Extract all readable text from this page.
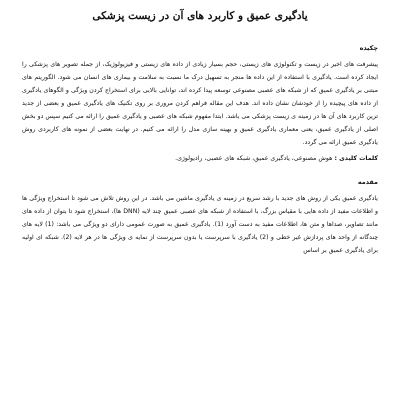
یادگیری عمیق و کاربرد های آن در زیست پزشکی
چکیده

پیشرفت های اخیر در زیست و تکنولوژی های زیستی، حجم بسیار زیادی از داده های زیستی و فیزیولوژیک، از جمله تصویر های پزشکی را ایجاد کرده است. یادگیری با استفاده از این داده ها منجر به تسهیل درک ما نسبت به سلامت و بیماری های انسان می شود. الگوریتم های مبتنی بر یادگیری عمیق که از شبکه های عصبی مصنوعی توسعه پیدا کرده اند، توانایی بالایی برای استخراج کردن ویژگی و الگوهای یادگیری از داده های پیچیده را از خودشان نشان داده اند. هدف این مقاله فراهم کردن مروری بر روی تکنیک های یادگیری عمیق و بعضی از جدید ترین کاربرد های آن ها در زمینه ی زیست پزشکی می باشد. ابتدا مفهوم شبکه های عصبی و یادگیری عمیق را ارائه می کنیم سپس دو بخش اصلی از یادگیری عمیق، یعنی معماری یادگیری عمیق و بهینه سازی مدل را ارائه می کنیم. در نهایت بعضی از نمونه های کاربردی روش یادگیری عمیق ارائه می گردد.

کلمات کلیدی : هوش مصنوعی، یادگیری عمیق، شبکه های عصبی، رادیولوژی.
مقدمه

یادگیری عمیق یکی از روش های جدید با رشد سریع در زمینه ی یادگیری ماشین می باشد. در این روش تلاش می شود تا استخراج ویژگی ها و اطلاعات مفید از داده هایی با مقیاس بزرگ، با استفاده از شبکه های عصبی عمیق چند لایه (DNN ها)، استخراج شود تا بتوان از داده های مانند تصاویر، صداها و متن ها، اطلاعات مفید به دست آورد (1). یادگیری عمیق به صورت عمومی دارای دو ویژگی می باشد: (1) لایه های چندگانه از واحد های پردازش غیر خطی و (2) یادگیری با سرپرست یا بدون سرپرست از نمایه ی ویژگی ها در هر لایه (2). شبکه ای اولیه برای یادگیری عمیق بر اساس
